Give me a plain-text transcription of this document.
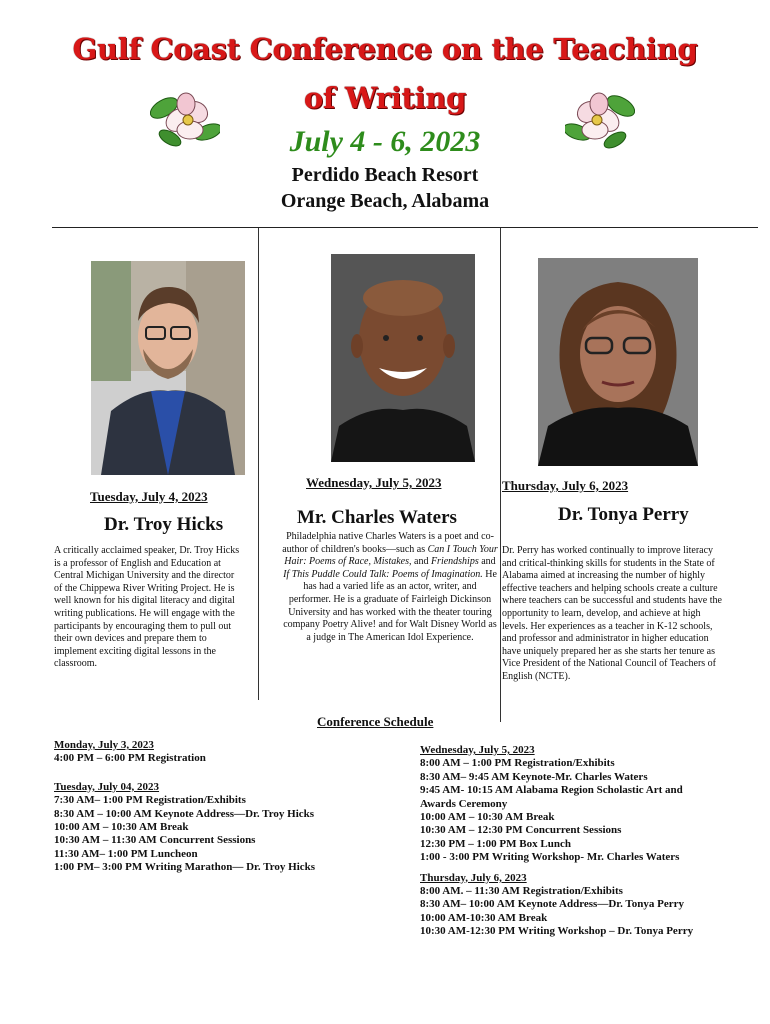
Gulf Coast Conference on the Teaching
of Writing
July 4 - 6, 2023
Perdido Beach Resort
Orange Beach, Alabama
Tuesday, July 4, 2023
Dr. Troy Hicks
A critically acclaimed speaker, Dr. Troy Hicks is a professor of English and Education at Central Michigan University and the director of the Chippewa River Writing Project. He is well known for his digital literacy and digital writing publications. He will engage with the participants by encouraging them to pull out their own devices and prepare them to implement exciting digital lessons in the classroom.
Wednesday, July 5, 2023
Mr. Charles Waters
Philadelphia native Charles Waters is a poet and co-author of children's books—such as Can I Touch Your Hair: Poems of Race, Mistakes, and Friendships and If This Puddle Could Talk: Poems of Imagination. He has had a varied life as an actor, writer, and performer. He is a graduate of Fairleigh Dickinson University and has worked with the theater touring company Poetry Alive! and for Walt Disney World as a judge in The American Idol Experience.
Thursday, July 6, 2023
Dr. Tonya Perry
Dr. Perry has worked continually to improve literacy and critical-thinking skills for students in the State of Alabama aimed at increasing the number of highly effective teachers and helping schools create a culture where teachers can be successful and students have the opportunity to learn, develop, and achieve at high levels. Her experiences as a teacher in K-12 schools, and professor and administrator in higher education have uniquely prepared her as she starts her tenure as Vice President of the National Council of Teachers of English (NCTE).
Conference Schedule
Monday, July 3, 2023
4:00 PM – 6:00 PM Registration
Tuesday, July 04, 2023
7:30 AM– 1:00 PM Registration/Exhibits
8:30 AM – 10:00 AM Keynote Address—Dr. Troy Hicks
10:00 AM – 10:30 AM Break
10:30 AM – 11:30 AM Concurrent Sessions
11:30 AM– 1:00 PM Luncheon
1:00 PM– 3:00 PM Writing Marathon— Dr. Troy Hicks
Wednesday, July 5, 2023
8:00 AM – 1:00 PM Registration/Exhibits
8:30 AM– 9:45 AM Keynote-Mr. Charles Waters
9:45 AM- 10:15 AM Alabama Region Scholastic Art and
Awards Ceremony
10:00 AM – 10:30 AM Break
10:30 AM – 12:30 PM Concurrent Sessions
12:30 PM – 1:00 PM Box Lunch
1:00 - 3:00 PM Writing Workshop- Mr. Charles Waters
Thursday, July 6, 2023
8:00 AM. – 11:30 AM Registration/Exhibits
8:30 AM– 10:00 AM Keynote Address—Dr. Tonya Perry
10:00 AM-10:30 AM Break
10:30 AM-12:30 PM Writing Workshop – Dr. Tonya Perry
